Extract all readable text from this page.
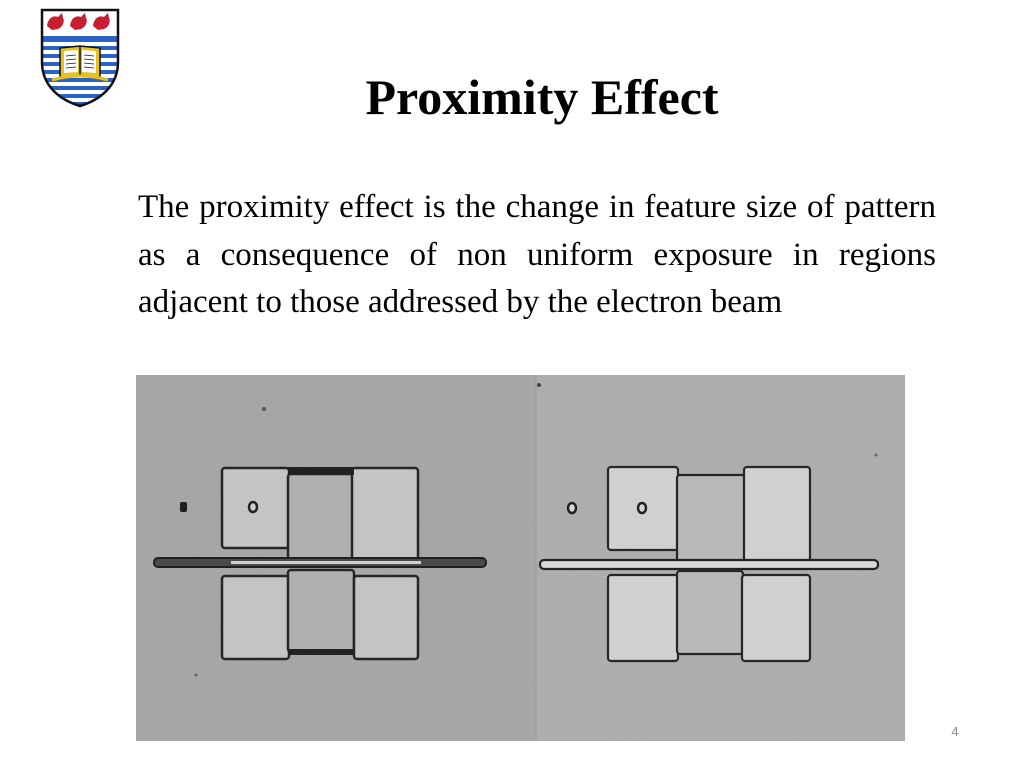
Proximity Effect

The proximity effect is the change in feature size of pattern as a consequence of non uniform exposure in regions adjacent to those addressed by the electron beam

4
